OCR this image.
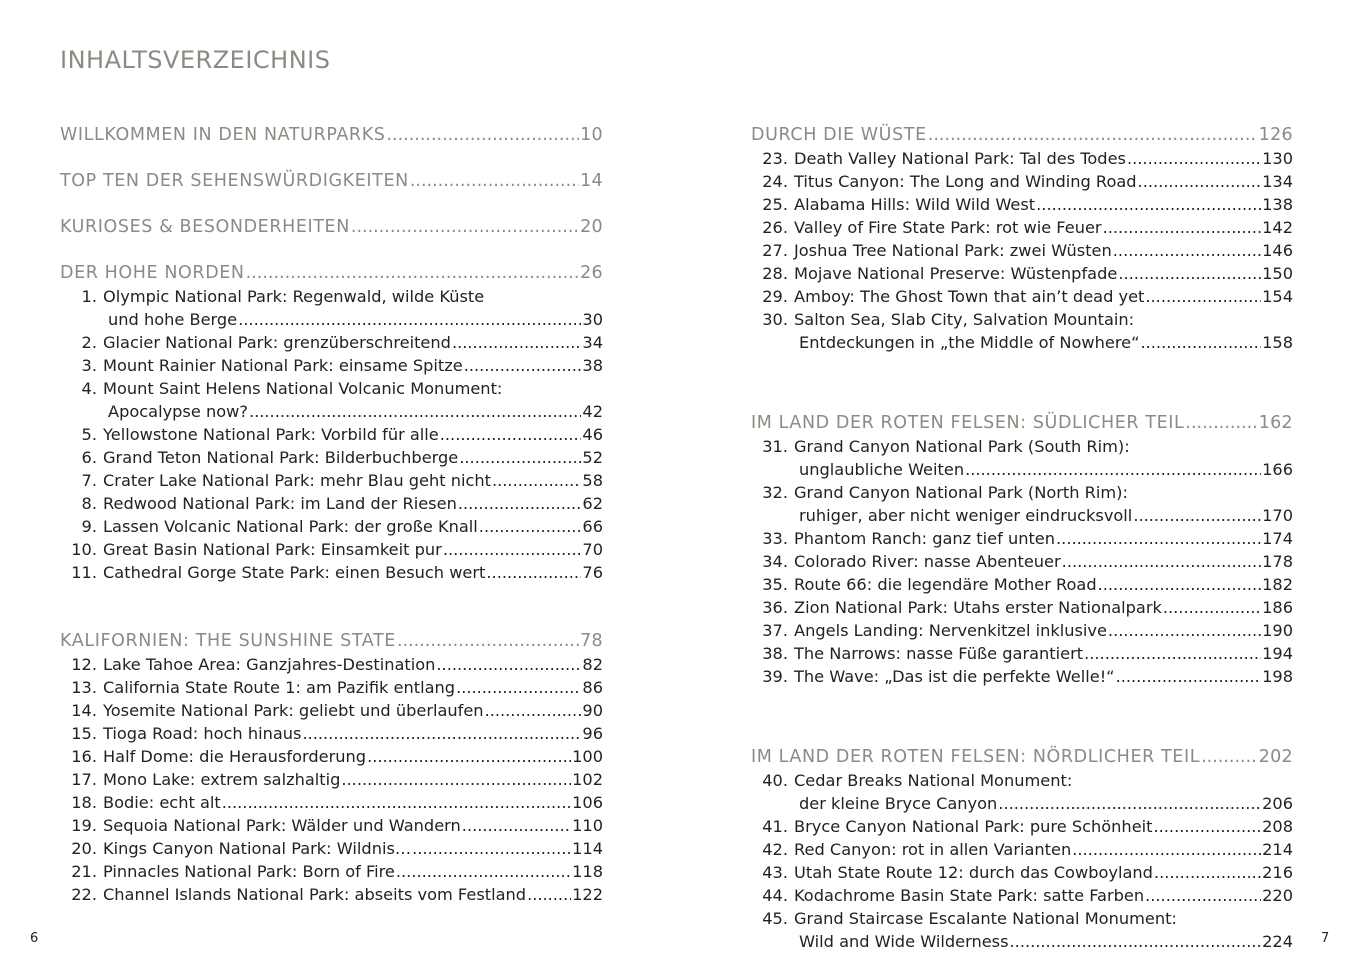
INHALTSVERZEICHNIS
WILLKOMMEN IN DEN NATURPARKS .....	10
TOP TEN DER SEHENSWÜRDIGKEITEN .....	14
KURIOSES & BESONDERHEITEN .....	20
DER HOHE NORDEN .....	26
1. Olympic National Park: Regenwald, wilde Küste
und hohe Berge .....	30
2. Glacier National Park: grenzüberschreitend .....	34
3. Mount Rainier National Park: einsame Spitze .....	38
4. Mount Saint Helens National Volcanic Monument:
Apocalypse now? .....	42
5. Yellowstone National Park: Vorbild für alle .....	46
6. Grand Teton National Park: Bilderbuchberge .....	52
7. Crater Lake National Park: mehr Blau geht nicht .....	58
8. Redwood National Park: im Land der Riesen .....	62
9. Lassen Volcanic National Park: der große Knall .....	66
10. Great Basin National Park: Einsamkeit pur .....	70
11. Cathedral Gorge State Park: einen Besuch wert .....	76
KALIFORNIEN: THE SUNSHINE STATE .....	78
12. Lake Tahoe Area: Ganzjahres-Destination .....	82
13. California State Route 1: am Pazifik entlang .....	86
14. Yosemite National Park: geliebt und überlaufen .....	90
15. Tioga Road: hoch hinaus .....	96
16. Half Dome: die Herausforderung .....	100
17. Mono Lake: extrem salzhaltig .....	102
18. Bodie: echt alt .....	106
19. Sequoia National Park: Wälder und Wandern .....	110
20. Kings Canyon National Park: Wildnis… .....	114
21. Pinnacles National Park: Born of Fire .....	118
22. Channel Islands National Park: abseits vom Festland .....	122
DURCH DIE WÜSTE .....	126
23. Death Valley National Park: Tal des Todes .....	130
24. Titus Canyon: The Long and Winding Road .....	134
25. Alabama Hills: Wild Wild West .....	138
26. Valley of Fire State Park: rot wie Feuer .....	142
27. Joshua Tree National Park: zwei Wüsten .....	146
28. Mojave National Preserve: Wüstenpfade .....	150
29. Amboy: The Ghost Town that ain’t dead yet .....	154
30. Salton Sea, Slab City, Salvation Mountain:
Entdeckungen in „the Middle of Nowhere“ .....	158
IM LAND DER ROTEN FELSEN: SÜDLICHER TEIL .....	162
31. Grand Canyon National Park (South Rim):
unglaubliche Weiten .....	166
32. Grand Canyon National Park (North Rim):
ruhiger, aber nicht weniger eindrucksvoll .....	170
33. Phantom Ranch: ganz tief unten .....	174
34. Colorado River: nasse Abenteuer .....	178
35. Route 66: die legendäre Mother Road .....	182
36. Zion National Park: Utahs erster Nationalpark .....	186
37. Angels Landing: Nervenkitzel inklusive .....	190
38. The Narrows: nasse Füße garantiert .....	194
39. The Wave: „Das ist die perfekte Welle!“ .....	198
IM LAND DER ROTEN FELSEN: NÖRDLICHER TEIL .....	202
40. Cedar Breaks National Monument:
der kleine Bryce Canyon .....	206
41. Bryce Canyon National Park: pure Schönheit .....	208
42. Red Canyon: rot in allen Varianten .....	214
43. Utah State Route 12: durch das Cowboyland .....	216
44. Kodachrome Basin State Park: satte Farben .....	220
45. Grand Staircase Escalante National Monument:
Wild and Wide Wilderness .....	224
6	7
